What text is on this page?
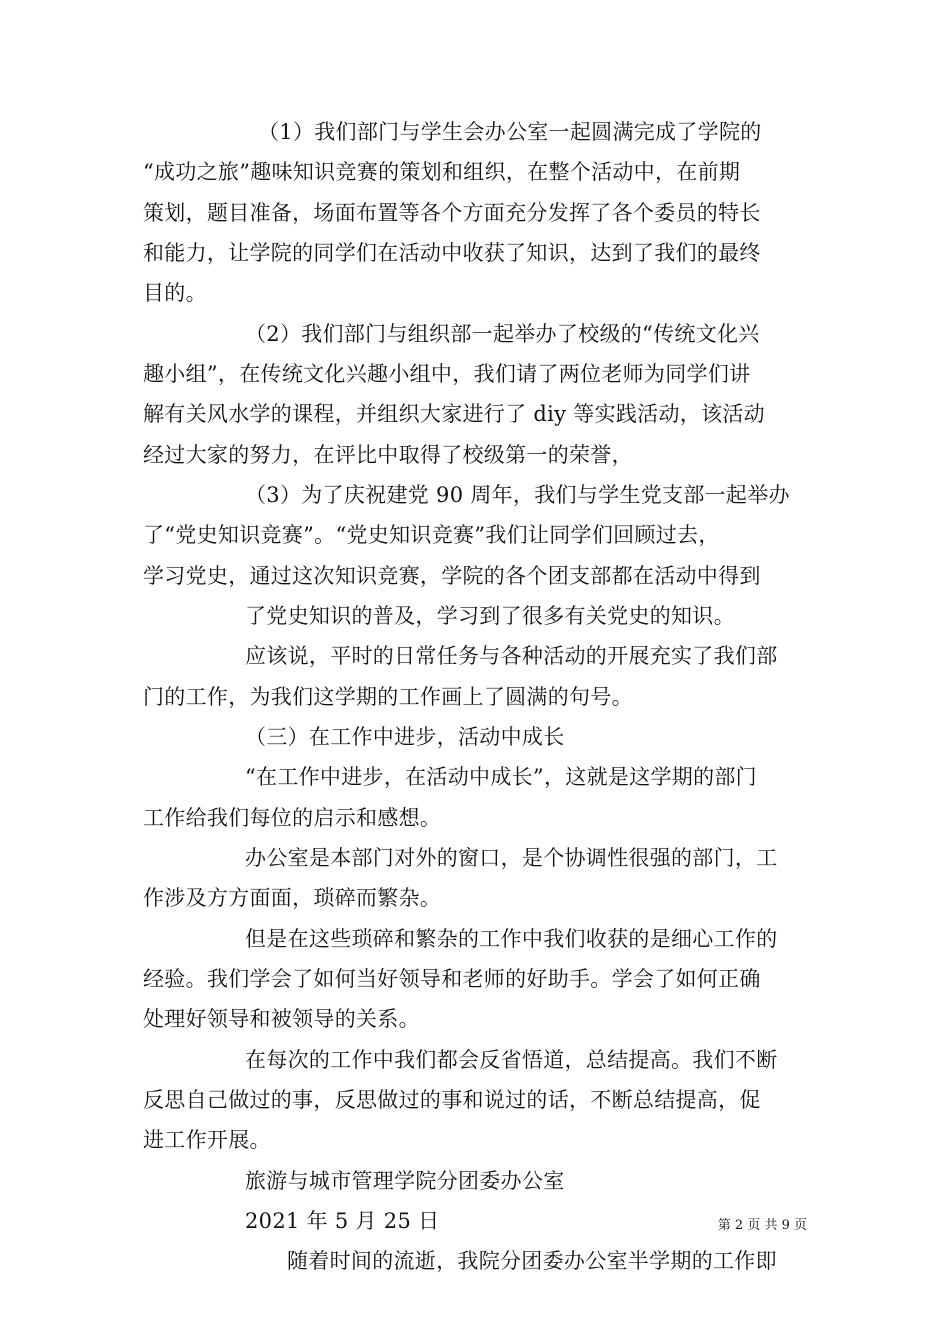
（1）我们部门与学生会办公室一起圆满完成了学院的

“成功之旅”趣味知识竞赛的策划和组织，在整个活动中，在前期

策划，题目准备，场面布置等各个方面充分发挥了各个委员的特长

和能力，让学院的同学们在活动中收获了知识，达到了我们的最终

目的。

（2）我们部门与组织部一起举办了校级的“传统文化兴

趣小组”，在传统文化兴趣小组中，我们请了两位老师为同学们讲

解有关风水学的课程，并组织大家进行了 diy 等实践活动，该活动

经过大家的努力，在评比中取得了校级第一的荣誉，

（3）为了庆祝建党 90 周年，我们与学生党支部一起举办

了“党史知识竞赛”。“党史知识竞赛”我们让同学们回顾过去，

学习党史，通过这次知识竞赛，学院的各个团支部都在活动中得到

了党史知识的普及，学习到了很多有关党史的知识。

应该说，平时的日常任务与各种活动的开展充实了我们部

门的工作，为我们这学期的工作画上了圆满的句号。

（三）在工作中进步，活动中成长

“在工作中进步，在活动中成长”，这就是这学期的部门

工作给我们每位的启示和感想。

办公室是本部门对外的窗口，是个协调性很强的部门，工

作涉及方方面面，琐碎而繁杂。

但是在这些琐碎和繁杂的工作中我们收获的是细心工作的

经验。我们学会了如何当好领导和老师的好助手。学会了如何正确

处理好领导和被领导的关系。

在每次的工作中我们都会反省悟道，总结提高。我们不断

反思自己做过的事，反思做过的事和说过的话，不断总结提高，促

进工作开展。

旅游与城市管理学院分团委办公室

2021 年 5 月 25 日

随着时间的流逝，我院分团委办公室半学期的工作即

第 2 页 共 9 页
